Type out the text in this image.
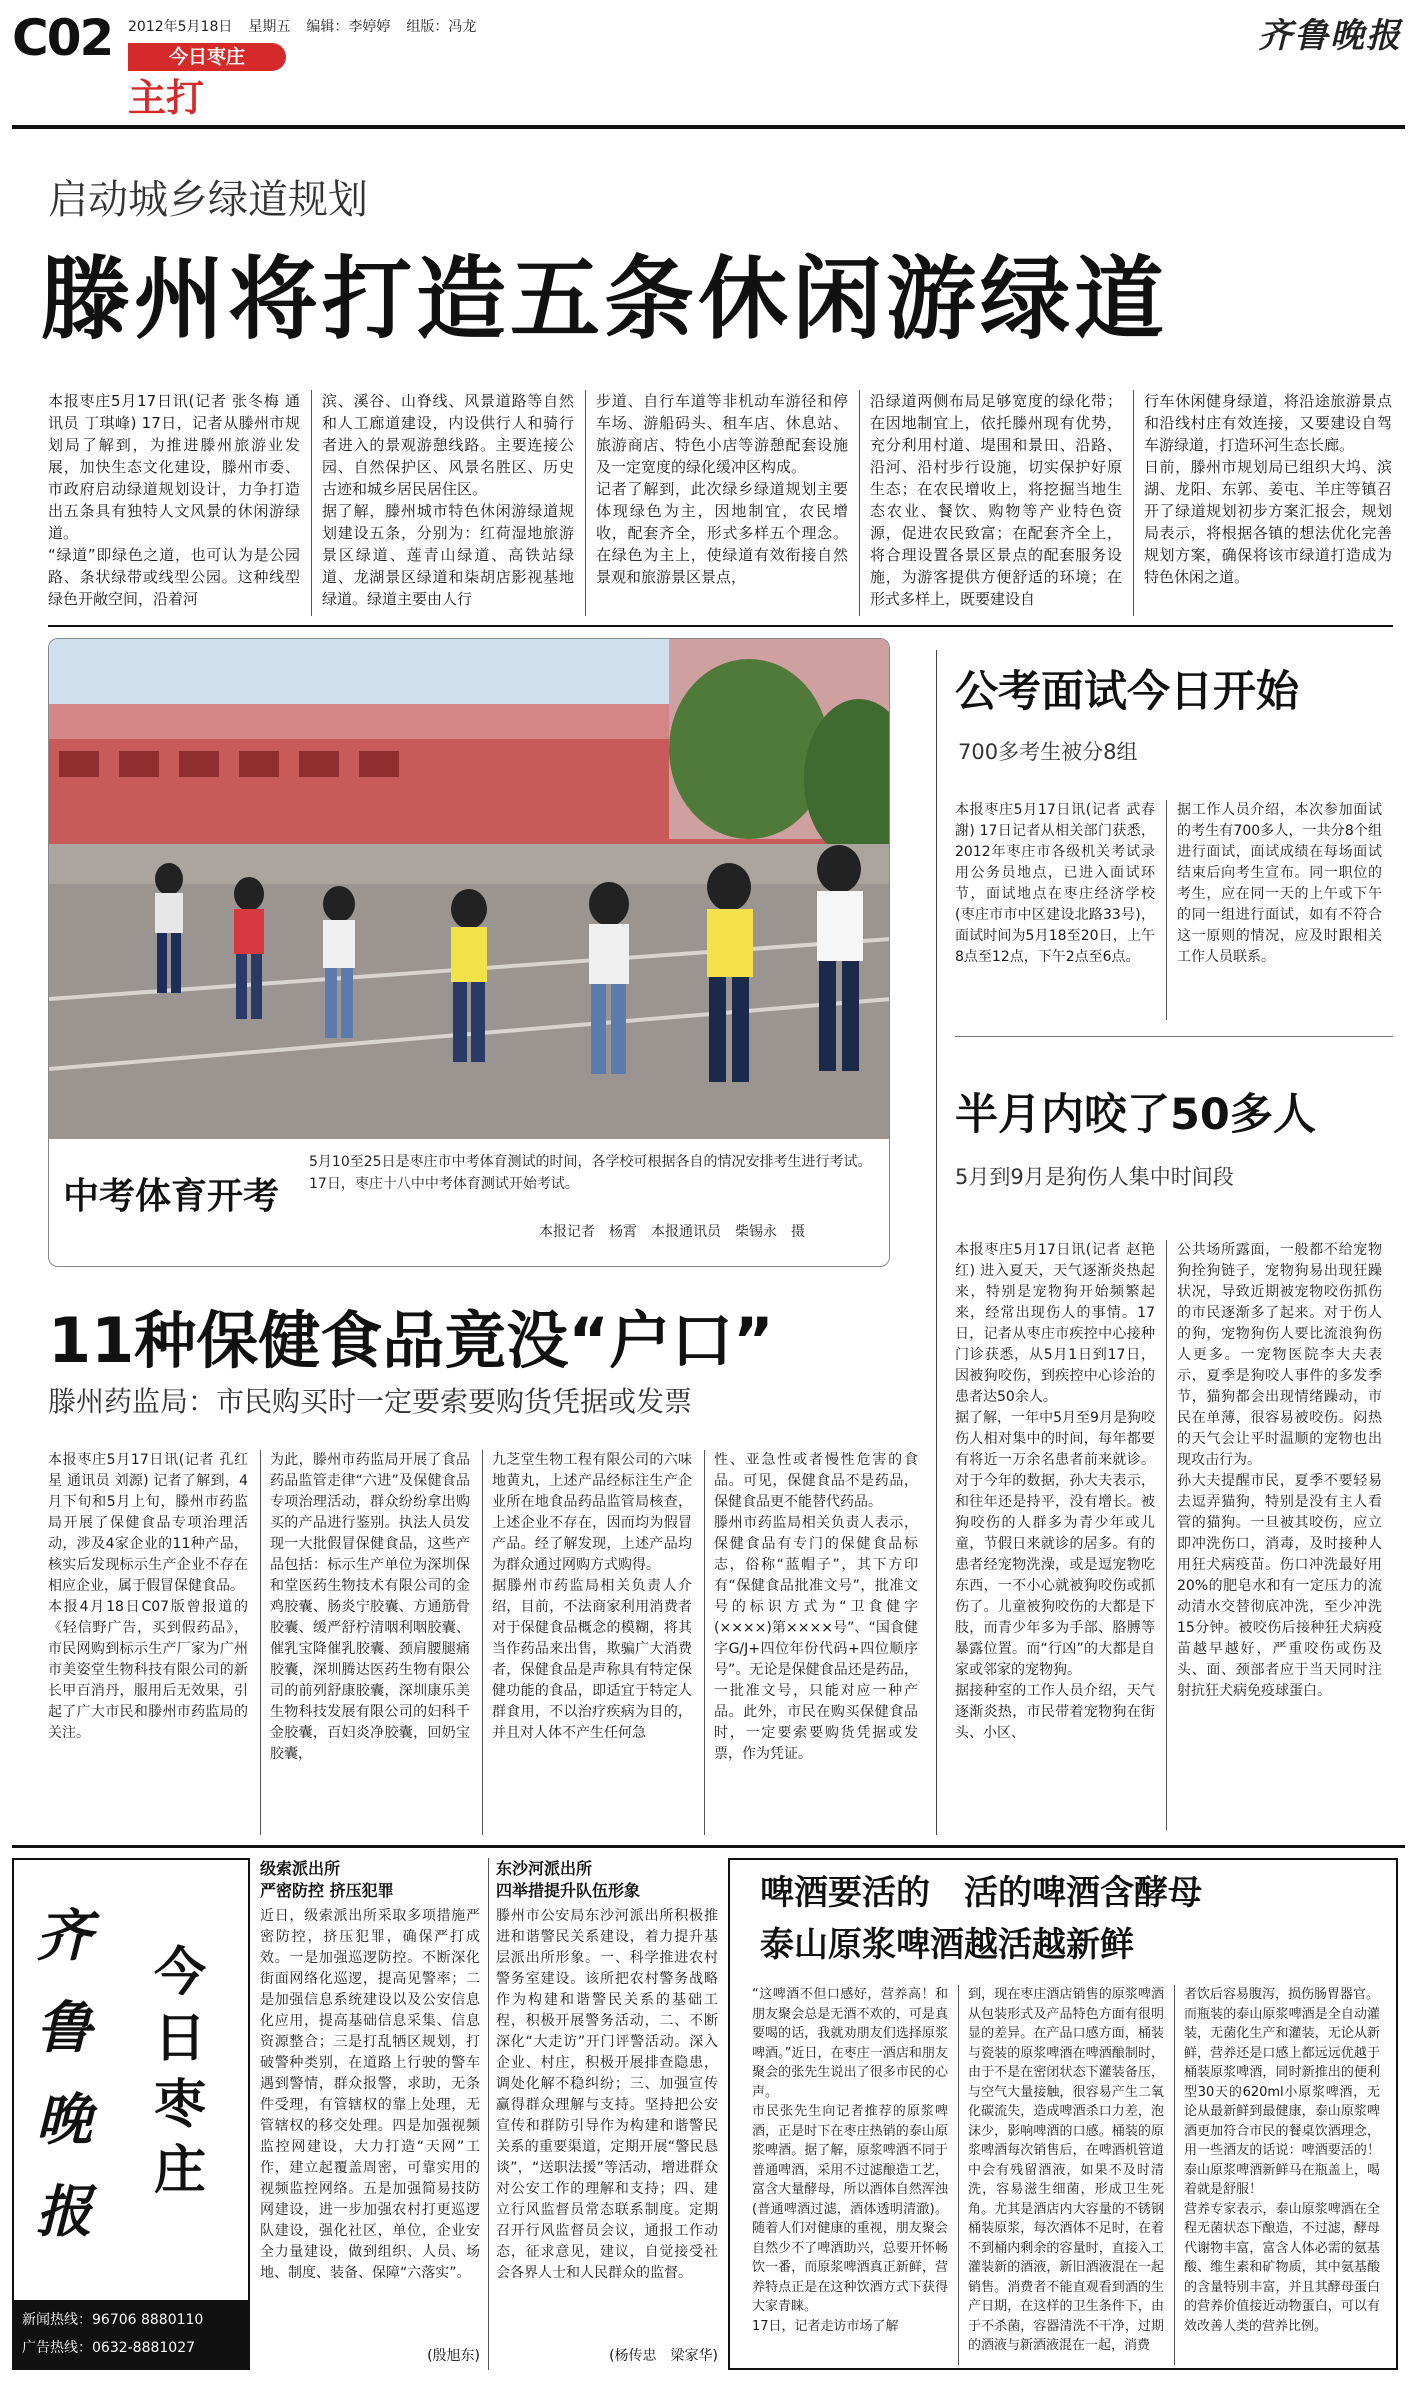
C02 2012年5月18日 星期五 编辑：李婷婷 组版：冯龙
今日枣庄
主打
齐鲁晚报
启动城乡绿道规划
滕州将打造五条休闲游绿道
本报枣庄5月17日讯(记者 张冬梅 通讯员 丁琪峰) 17日，记者从滕州市规划局了解到，为推进滕州旅游业发展，加快生态文化建设，滕州市委、市政府启动绿道规划设计，力争打造出五条具有独特人文风景的休闲游绿道。
“绿道”即绿色之道，也可认为是公园路、条状绿带或线型公园。这种线型绿色开敞空间，沿着河
滨、溪谷、山脊线、风景道路等自然和人工廊道建设，内设供行人和骑行者进入的景观游憩线路。主要连接公园、自然保护区、风景名胜区、历史古迹和城乡居民居住区。
据了解，滕州城市特色休闲游绿道规划建设五条，分别为：红荷湿地旅游景区绿道、莲青山绿道、高铁站绿道、龙湖景区绿道和柒胡店影视基地绿道。绿道主要由人行
步道、自行车道等非机动车游径和停车场、游船码头、租车店、休息站、旅游商店、特色小店等游憩配套设施及一定宽度的绿化缓冲区构成。
记者了解到，此次绿乡绿道规划主要体现绿色为主，因地制宜，农民增收，配套齐全，形式多样五个理念。在绿色为主上，使绿道有效衔接自然景观和旅游景区景点，
沿绿道两侧布局足够宽度的绿化带；在因地制宜上，依托滕州现有优势，充分利用村道、堤围和景田、沿路、沿河、沿村步行设施，切实保护好原生态；在农民增收上，将挖掘当地生态农业、餐饮、购物等产业特色资源，促进农民致富；在配套齐全上，将合理设置各景区景点的配套服务设施，为游客提供方便舒适的环境；在形式多样上，既要建设自
行车休闲健身绿道，将沿途旅游景点和沿线村庄有效连接，又要建设自驾车游绿道，打造环河生态长廊。
日前，滕州市规划局已组织大坞、滨湖、龙阳、东郭、姜屯、羊庄等镇召开了绿道规划初步方案汇报会，规划局表示，将根据各镇的想法优化完善规划方案，确保将该市绿道打造成为特色休闲之道。
中考体育开考
5月10至25日是枣庄市中考体育测试的时间，各学校可根据各自的情况安排考生进行考试。17日，枣庄十八中中考体育测试开始考试。
本报记者　杨霄　本报通讯员　柴锡永　摄
公考面试今日开始
700多考生被分8组
本报枣庄5月17日讯(记者 武春謝) 17日记者从相关部门获悉，2012年枣庄市各级机关考试录用公务员地点，已进入面试环节，面试地点在枣庄经济学校(枣庄市市中区建设北路33号)，面试时间为5月18至20日，上午8点至12点，下午2点至6点。
据工作人员介绍，本次参加面试的考生有700多人，一共分8个组进行面试，面试成绩在每场面试结束后向考生宣布。同一职位的考生，应在同一天的上午或下午的同一组进行面试，如有不符合这一原则的情况，应及时跟相关工作人员联系。
半月内咬了50多人
5月到9月是狗伤人集中时间段
本报枣庄5月17日讯(记者 赵艳红) 进入夏天，天气逐渐炎热起来，特别是宠物狗开始频繁起来，经常出现伤人的事情。17日，记者从枣庄市疾控中心接种门诊获悉，从5月1日到17日，因被狗咬伤，到疾控中心诊治的患者达50余人。
据了解，一年中5月至9月是狗咬伤人相对集中的时间，每年都要有将近一万余名患者前来就诊。对于今年的数据，孙大夫表示，和往年还是持平，没有增长。被狗咬伤的人群多为青少年或儿童，节假日来就诊的居多。有的患者经宠物洗澡，或是逗宠物吃东西，一不小心就被狗咬伤或抓伤了。儿童被狗咬伤的大都是下肢，而青少年多为手部、胳膊等暴露位置。而“行凶”的大都是自家或邻家的宠物狗。
据接种室的工作人员介绍，天气逐渐炎热，市民带着宠物狗在街头、小区、
公共场所露面，一般都不给宠物狗拴狗链子，宠物狗易出现狂躁状况，导致近期被宠物咬伤抓伤的市民逐渐多了起来。对于伤人的狗，宠物狗伤人要比流浪狗伤人更多。一宠物医院李大夫表示，夏季是狗咬人事件的多发季节，猫狗都会出现情绪躁动，市民在单薄，很容易被咬伤。闷热的天气会让平时温顺的宠物也出现攻击行为。
孙大夫提醒市民，夏季不要轻易去逗弄猫狗，特别是没有主人看管的猫狗。一旦被其咬伤，应立即冲洗伤口，消毒，及时接种人用狂犬病疫苗。伤口冲洗最好用20%的肥皂水和有一定压力的流动清水交替彻底冲洗，至少冲洗15分钟。被咬伤后接种狂犬病疫苗越早越好，严重咬伤或伤及头、面、颈部者应于当天同时注射抗狂犬病免疫球蛋白。
11种保健食品竟没“户口”
滕州药监局：市民购买时一定要索要购货凭据或发票
本报枣庄5月17日讯(记者 孔红星 通讯员 刘源) 记者了解到，4月下旬和5月上旬，滕州市药监局开展了保健食品专项治理活动，涉及4家企业的11种产品，核实后发现标示生产企业不存在相应企业，属于假冒保健食品。
本报4月18日C07版曾报道的《轻信野广告，买到假药品》，市民网购到标示生产厂家为广州市美姿堂生物科技有限公司的新长甲百消丹，服用后无效果，引起了广大市民和滕州市药监局的关注。
为此，滕州市药监局开展了食品药品监管走律“六进”及保健食品专项治理活动，群众纷纷拿出购买的产品进行鉴别。执法人员发现一大批假冒保健食品，这些产品包括：标示生产单位为深圳保和堂医药生物技术有限公司的金鸡胶囊、肠炎宁胶囊、方通筋骨胶囊、缓严舒柠清咽利咽胶囊、催乳宝降催乳胶囊、颈肩腰腿痛胶囊，深圳腾达医药生物有限公司的前列舒康胶囊，深圳康乐美生物科技发展有限公司的妇科千金胶囊，百妇炎净胶囊，回奶宝胶囊，
九芝堂生物工程有限公司的六味地黄丸，上述产品经标注生产企业所在地食品药品监管局核查，上述企业不存在，因而均为假冒产品。经了解发现，上述产品均为群众通过网购方式购得。
据滕州市药监局相关负责人介绍，目前，不法商家利用消费者对于保健食品概念的模糊，将其当作药品来出售，欺骗广大消费者，保健食品是声称具有特定保健功能的食品，即适宜于特定人群食用，不以治疗疾病为目的，并且对人体不产生任何急
性、亚急性或者慢性危害的食品。可见，保健食品不是药品，保健食品更不能替代药品。
滕州市药监局相关负责人表示，保健食品有专门的保健食品标志，俗称“蓝帽子”，其下方印有“保健食品批准文号”，批准文号的标识方式为“卫食健字(××××)第××××号”、“国食健字G/J+四位年份代码+四位顺序号”。无论是保健食品还是药品，一批准文号，只能对应一种产品。此外，市民在购买保健食品时，一定要索要购货凭据或发票，作为凭证。
齐鲁晚报
今日枣庄
新闻热线：96706 8880110
广告热线：0632-8881027
级索派出所
严密防控 挤压犯罪
近日，级索派出所采取多项措施严密防控，挤压犯罪，确保严打成效。一是加强巡逻防控。不断深化街面网络化巡逻，提高见警率；二是加强信息系统建设以及公安信息化应用，提高基础信息采集、信息资源整合；三是打乱牺区规划，打破警种类别，在道路上行驶的警车遇到警情，群众报警，求助，无条件受理，有管辖权的靠上处理，无管辖权的移交处理。四是加强视频监控网建设，大力打造“天网”工作，建立起覆盖周密，可靠实用的视频监控网络。五是加强简易技防网建设，进一步加强农村打更巡逻队建设，强化社区，单位，企业安全力量建设，做到组织、人员、场地、制度、装备、保障“六落实”。
(殷旭东)
东沙河派出所
四举措提升队伍形象
滕州市公安局东沙河派出所积极推进和谐警民关系建设，着力提升基层派出所形象。一、科学推进农村警务室建设。该所把农村警务战略作为构建和谐警民关系的基础工程，积极开展警务活动，二、不断深化“大走访”开门评警活动。深入企业、村庄，积极开展排查隐患，调处化解不稳纠纷；三、加强宣传赢得群众理解与支持。坚持把公安宣传和群防引导作为构建和谐警民关系的重要渠道，定期开展“警民恳谈”，“送职法援”等活动，增进群众对公安工作的理解和支持；四、建立行风监督员常态联系制度。定期召开行风监督员会议，通报工作动态，征求意见，建议，自觉接受社会各界人士和人民群众的监督。
(杨传忠　梁家华)
啤酒要活的　活的啤酒含酵母
泰山原浆啤酒越活越新鲜
“这啤酒不但口感好，营养高！和朋友聚会总是无酒不欢的，可是真要喝的话，我就劝朋友们选择原浆啤酒。”近日，在枣庄一酒店和朋友聚会的张先生说出了很多市民的心声。
市民张先生向记者推荐的原浆啤酒，正是时下在枣庄热销的泰山原浆啤酒。据了解，原浆啤酒不同于普通啤酒，采用不过滤酿造工艺，富含大量酵母，所以酒体自然浑浊(普通啤酒过滤，酒体透明清澈)。随着人们对健康的重视，朋友聚会自然少不了啤酒助兴，总要开怀畅饮一番，而原浆啤酒真正新鲜，营养特点正是在这种饮酒方式下获得大家青睐。
17日，记者走访市场了解
到，现在枣庄酒店销售的原浆啤酒从包装形式及产品特色方面有很明显的差异。在产品口感方面，桶装与瓷装的原浆啤酒在啤酒酿制时，由于不是在密闭状态下灌装备压，与空气大量接触，很容易产生二氧化碳流失，造成啤酒杀口力差，泡沫少，影响啤酒的口感。桶装的原浆啤酒每次销售后，在啤酒机管道中会有残留酒液，如果不及时清洗，容易滋生细菌，形成卫生死角。尤其是酒店内大容量的不锈钢桶装原浆，每次酒体不足时，在着不到桶内剩余的容量时，直接入工灌装新的酒液，新旧酒液混在一起销售。消费者不能直观看到酒的生产日期，在这样的卫生条件下，由于不杀菌，容器清洗不干净，过期的酒液与新酒液混在一起，消费
者饮后容易腹泻，损伤肠胃器官。
而瓶装的泰山原浆啤酒是全自动灌装，无菌化生产和灌装，无论从新鲜，营养还是口感上都远远优越于桶装原浆啤酒，同时新推出的便利型30天的620ml小原浆啤酒，无论从最新鲜到最健康，泰山原浆啤酒更加符合市民的餐桌饮酒理念，用一些酒友的话说：啤酒要活的！泰山原浆啤酒新鲜马在瓶盖上，喝着就是舒服！
营养专家表示，泰山原浆啤酒在全程无菌状态下酿造，不过滤，酵母代谢物丰富，富含人体必需的氨基酸、维生素和矿物质，其中氨基酸的含量特别丰富，并且其酵母蛋白的营养价值接近动物蛋白，可以有效改善人类的营养比例。
